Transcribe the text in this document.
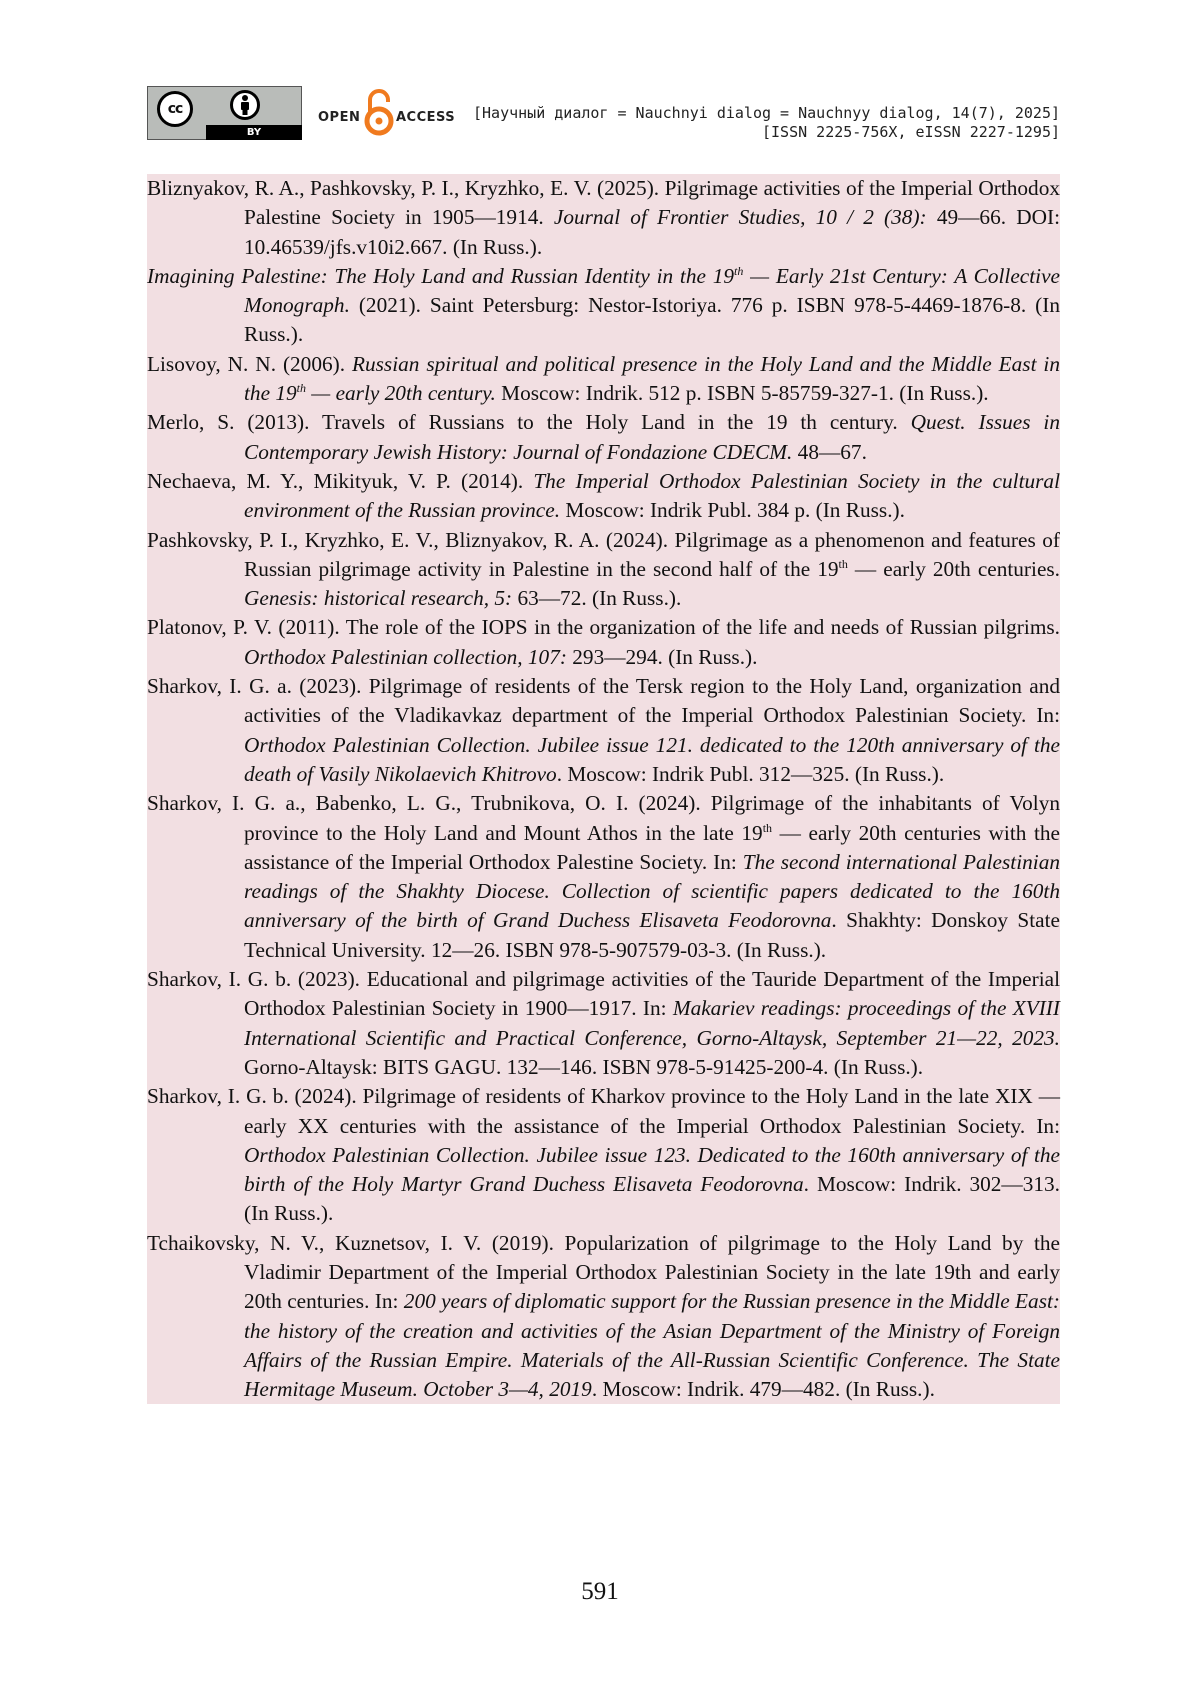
cc
BY
OPEN	ACCESS [Научный диалог = Nauchnyi dialog = Nauchnyy dialog, 14(7), 2025]
[ISSN 2225-756X, eISSN 2227-1295]

Bliznyakov, R. A., Pashkovsky, P. I., Kryzhko, E. V. (2025). Pilgrimage activities of the Imperial Orthodox Palestine Society in 1905—1914. Journal of Frontier Studies, 10 / 2 (38): 49—66. DOI: 10.46539/jfs.v10i2.667. (In Russ.).

Imagining Palestine: The Holy Land and Russian Identity in the 19th — Early 21st Century: A Collective Monograph. (2021). Saint Petersburg: Nestor-Istoriya. 776 p. ISBN 978-5-4469-1876-8. (In Russ.).

Lisovoy, N. N. (2006). Russian spiritual and political presence in the Holy Land and the Middle East in the 19th — early 20th century. Moscow: Indrik. 512 p. ISBN 5-85759-327-1. (In Russ.).

Merlo, S. (2013). Travels of Russians to the Holy Land in the 19 th century. Quest. Issues in Contemporary Jewish History: Journal of Fondazione CDECM. 48—67.

Nechaeva, M. Y., Mikityuk, V. P. (2014). The Imperial Orthodox Palestinian Society in the cultural environment of the Russian province. Moscow: Indrik Publ. 384 p. (In Russ.).

Pashkovsky, P. I., Kryzhko, E. V., Bliznyakov, R. A. (2024). Pilgrimage as a phenomenon and features of Russian pilgrimage activity in Palestine in the second half of the 19th — early 20th centuries. Genesis: historical research, 5: 63—72. (In Russ.).

Platonov, P. V. (2011). The role of the IOPS in the organization of the life and needs of Russian pilgrims. Orthodox Palestinian collection, 107: 293—294. (In Russ.).

Sharkov, I. G. a. (2023). Pilgrimage of residents of the Tersk region to the Holy Land, organization and activities of the Vladikavkaz department of the Imperial Orthodox Palestinian Society. In: Orthodox Palestinian Collection. Jubilee issue 121. dedicated to the 120th anniversary of the death of Vasily Nikolaevich Khitrovo. Moscow: Indrik Publ. 312—325. (In Russ.).

Sharkov, I. G. a., Babenko, L. G., Trubnikova, O. I. (2024). Pilgrimage of the inhabitants of Volyn province to the Holy Land and Mount Athos in the late 19th — early 20th centuries with the assistance of the Imperial Orthodox Palestine Society. In: The second international Palestinian readings of the Shakhty Diocese. Collection of scientific papers dedicated to the 160th anniversary of the birth of Grand Duchess Elisaveta Feodorovna. Shakhty: Donskoy State Technical University. 12—26. ISBN 978-5-907579-03-3. (In Russ.).

Sharkov, I. G. b. (2023). Educational and pilgrimage activities of the Tauride Department of the Imperial Orthodox Palestinian Society in 1900—1917. In: Makariev readings: proceedings of the XVIII International Scientific and Practical Conference, Gorno-Altaysk, September 21—22, 2023. Gorno-Altaysk: BITS GAGU. 132—146. ISBN 978-5-91425-200-4. (In Russ.).

Sharkov, I. G. b. (2024). Pilgrimage of residents of Kharkov province to the Holy Land in the late XIX — early XX centuries with the assistance of the Imperial Orthodox Palestinian Society. In: Orthodox Palestinian Collection. Jubilee issue 123. Dedicated to the 160th anniversary of the birth of the Holy Martyr Grand Duchess Elisaveta Feodorovna. Moscow: Indrik. 302—313. (In Russ.).

Tchaikovsky, N. V., Kuznetsov, I. V. (2019). Popularization of pilgrimage to the Holy Land by the Vladimir Department of the Imperial Orthodox Palestinian Society in the late 19th and early 20th centuries. In: 200 years of diplomatic support for the Russian presence in the Middle East: the history of the creation and activities of the Asian Department of the Ministry of Foreign Affairs of the Russian Empire. Materials of the All-Russian Scientific Conference. The State Hermitage Museum. October 3—4, 2019. Moscow: Indrik. 479—482. (In Russ.).

591
